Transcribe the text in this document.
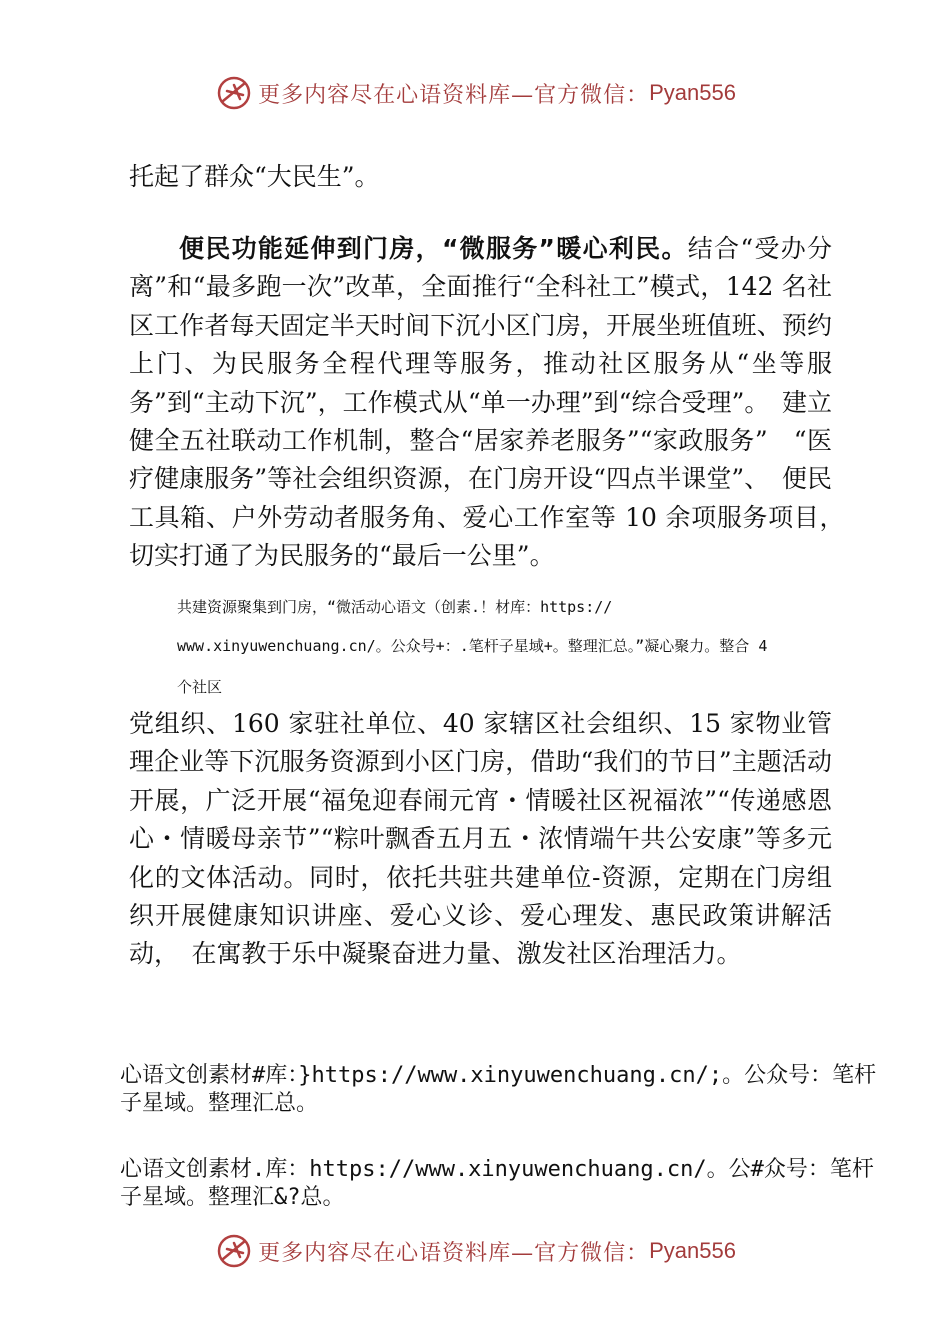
更多内容尽在心语资料库—官方微信： Pyan556

托起了群众“大民生”。

便民功能延伸到门房，“微服务”暖心利民。结合“受办分离”和“最多跑一次”改革，全面推行“全科社工”模式，142 名社区工作者每天固定半天时间下沉小区门房，开展坐班值班、预约上门、为民服务全程代理等服务，推动社区服务从“坐等服务”到“主动下沉”，工作模式从“单一办理”到“综合受理”。　建立健全五社联动工作机制，整合“居家养老服务”“家政服务”　“医疗健康服务”等社会组织资源，在门房开设“四点半课堂”、　便民工具箱、户外劳动者服务角、爱心工作室等 10 余项服务项目，　切实打通了为民服务的“最后一公里”。

共建资源聚集到门房，“微活动心语文（创素.！材库：https://
www.xinyuwenchuang.cn/。公众号+：.笔杆子星域+。整理汇总。”凝心聚力。整合 4
个社区

党组织、160 家驻社单位、40 家辖区社会组织、15 家物业管理企业等下沉服务资源到小区门房，借助“我们的节日”主题活动开展，广泛开展“福兔迎春闹元宵・情暖社区祝福浓”“传递感恩心・情暖母亲节”“粽叶飘香五月五・浓情端午共公安康”等多元化的文体活动。同时，依托共驻共建单位-资源，定期在门房组织开展健康知识讲座、爱心义诊、爱心理发、惠民政策讲解活动，　在寓教于乐中凝聚奋进力量、激发社区治理活力。

心语文创素材#库：}https://www.xinyuwenchuang.cn/;。公众号：笔杆子星域。整理汇总。

心语文创素材.库：https://www.xinyuwenchuang.cn/。公#众号：笔杆子星域。整理汇&?总。

更多内容尽在心语资料库—官方微信： Pyan556
